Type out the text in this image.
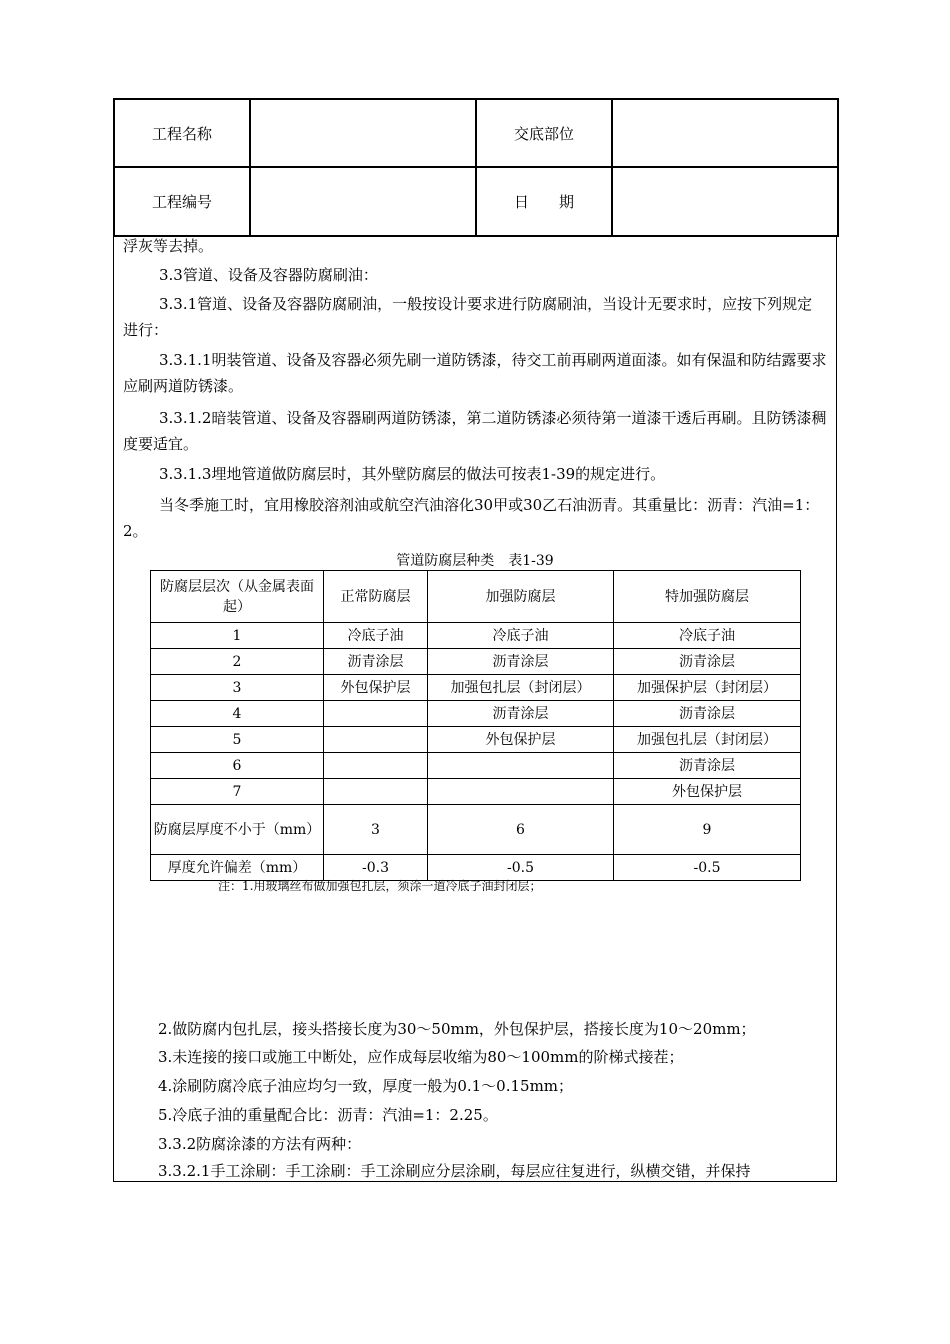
工程名称		交底部位	
工程编号		日　　期	
浮灰等去掉。
3.3管道、设备及容器防腐刷油：
3.3.1管道、设备及容器防腐刷油，一般按设计要求进行防腐刷油，当设计无要求时，应按下列规定进行：
3.3.1.1明装管道、设备及容器必须先刷一道防锈漆，待交工前再刷两道面漆。如有保温和防结露要求应刷两道防锈漆。
3.3.1.2暗装管道、设备及容器刷两道防锈漆，第二道防锈漆必须待第一道漆干透后再刷。且防锈漆稠度要适宜。
3.3.1.3埋地管道做防腐层时，其外壁防腐层的做法可按表1-39的规定进行。
当冬季施工时，宜用橡胶溶剂油或航空汽油溶化30甲或30乙石油沥青。其重量比：沥青：汽油=1：2。
管道防腐层种类　表1-39
防腐层层次（从金属表面起）	正常防腐层	加强防腐层	特加强防腐层
1	冷底子油	冷底子油	冷底子油
2	沥青涂层	沥青涂层	沥青涂层
3	外包保护层	加强包扎层（封闭层）	加强保护层（封闭层）
4		沥青涂层	沥青涂层
5		外包保护层	加强包扎层（封闭层）
6			沥青涂层
7			外包保护层
防腐层厚度不小于（mm）	3	6	9
厚度允许偏差（mm）	-0.3	-0.5	-0.5
注：1.用玻璃丝布做加强包扎层，须涂一道冷底子油封闭层；
2.做防腐内包扎层，接头搭接长度为30～50mm，外包保护层，搭接长度为10～20mm；
3.未连接的接口或施工中断处，应作成每层收缩为80～100mm的阶梯式接茬；
4.涂刷防腐冷底子油应均匀一致，厚度一般为0.1～0.15mm；
5.冷底子油的重量配合比：沥青：汽油=1：2.25。
3.3.2防腐涂漆的方法有两种：
3.3.2.1手工涂刷：手工涂刷：手工涂刷应分层涂刷，每层应往复进行，纵横交错，并保持
